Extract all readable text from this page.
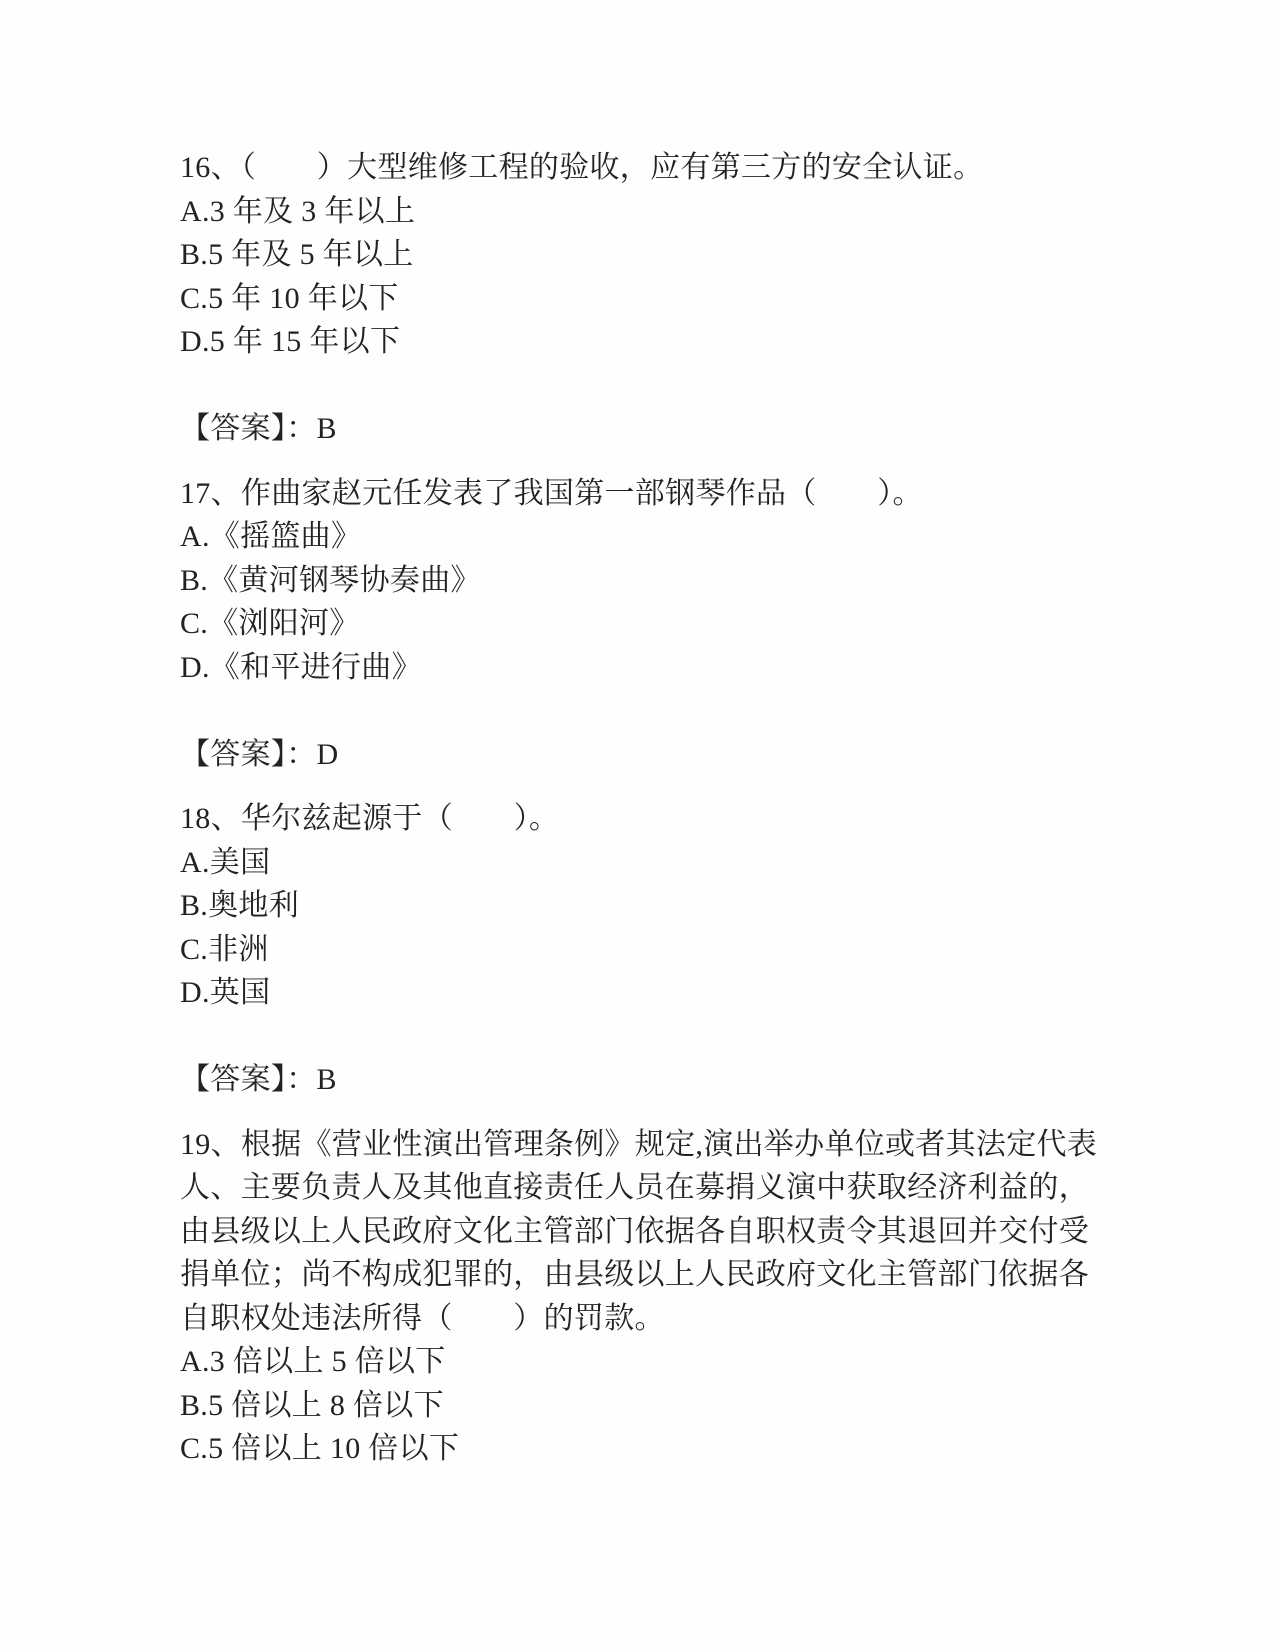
16、（　　）大型维修工程的验收，应有第三方的安全认证。
A.3 年及 3 年以上
B.5 年及 5 年以上
C.5 年 10 年以下
D.5 年 15 年以下
【答案】：B
17、作曲家赵元任发表了我国第一部钢琴作品（　　）。
A.《摇篮曲》
B.《黄河钢琴协奏曲》
C.《浏阳河》
D.《和平进行曲》
【答案】：D
18、华尔兹起源于（　　）。
A.美国
B.奥地利
C.非洲
D.英国
【答案】：B
19、根据《营业性演出管理条例》规定,演出举办单位或者其法定代表
人、主要负责人及其他直接责任人员在募捐义演中获取经济利益的，
由县级以上人民政府文化主管部门依据各自职权责令其退回并交付受
捐单位；尚不构成犯罪的，由县级以上人民政府文化主管部门依据各
自职权处违法所得（　　）的罚款。
A.3 倍以上 5 倍以下
B.5 倍以上 8 倍以下
C.5 倍以上 10 倍以下
